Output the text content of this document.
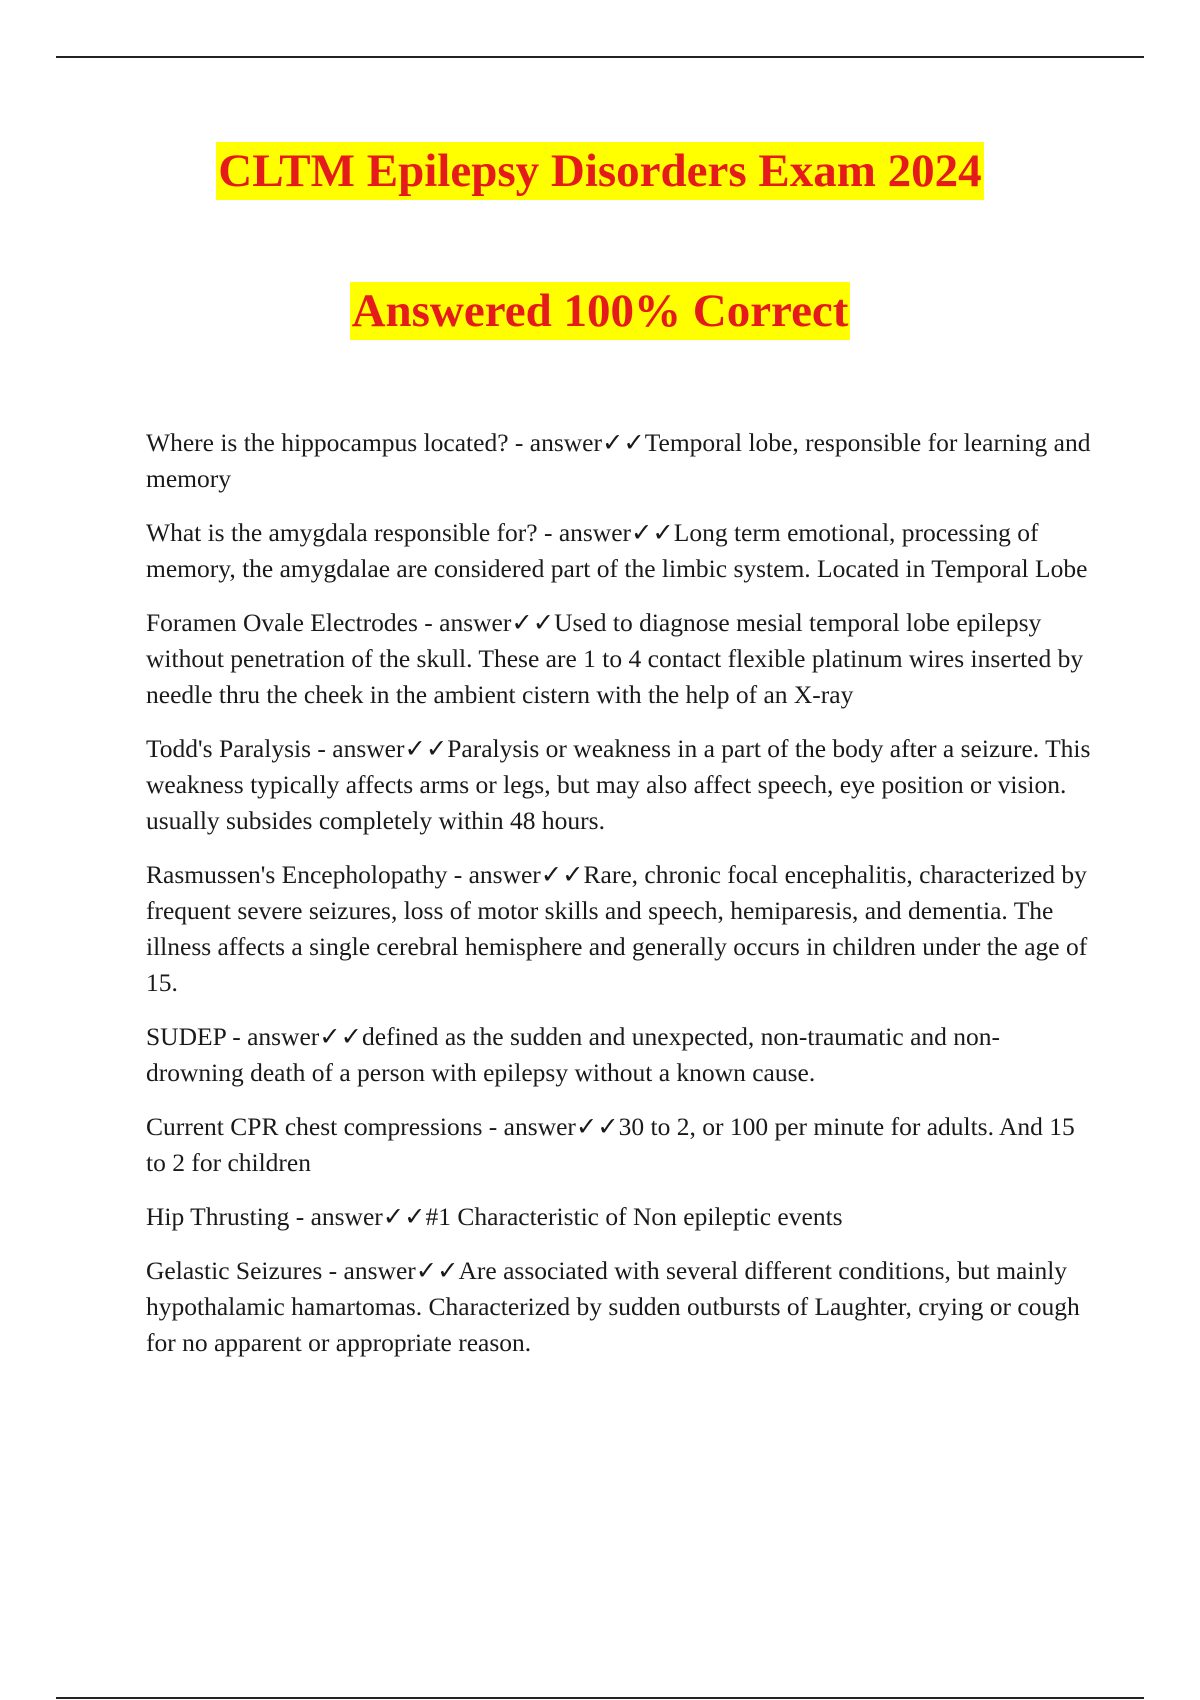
CLTM Epilepsy Disorders Exam 2024
Answered 100% Correct

Where is the hippocampus located? - answer✓✓Temporal lobe, responsible for learning and memory

What is the amygdala responsible for? - answer✓✓Long term emotional, processing of memory, the amygdalae are considered part of the limbic system. Located in Temporal Lobe

Foramen Ovale Electrodes - answer✓✓Used to diagnose mesial temporal lobe epilepsy without penetration of the skull. These are 1 to 4 contact flexible platinum wires inserted by needle thru the cheek in the ambient cistern with the help of an X-ray

Todd's Paralysis - answer✓✓Paralysis or weakness in a part of the body after a seizure. This weakness typically affects arms or legs, but may also affect speech, eye position or vision. usually subsides completely within 48 hours.

Rasmussen's Encepholopathy - answer✓✓Rare, chronic focal encephalitis, characterized by frequent severe seizures, loss of motor skills and speech, hemiparesis, and dementia. The illness affects a single cerebral hemisphere and generally occurs in children under the age of 15.

SUDEP - answer✓✓defined as the sudden and unexpected, non-traumatic and non-drowning death of a person with epilepsy without a known cause.

Current CPR chest compressions - answer✓✓30 to 2, or 100 per minute for adults. And 15 to 2 for children

Hip Thrusting - answer✓✓#1 Characteristic of Non epileptic events

Gelastic Seizures - answer✓✓Are associated with several different conditions, but mainly hypothalamic hamartomas. Characterized by sudden outbursts of Laughter, crying or cough for no apparent or appropriate reason.
